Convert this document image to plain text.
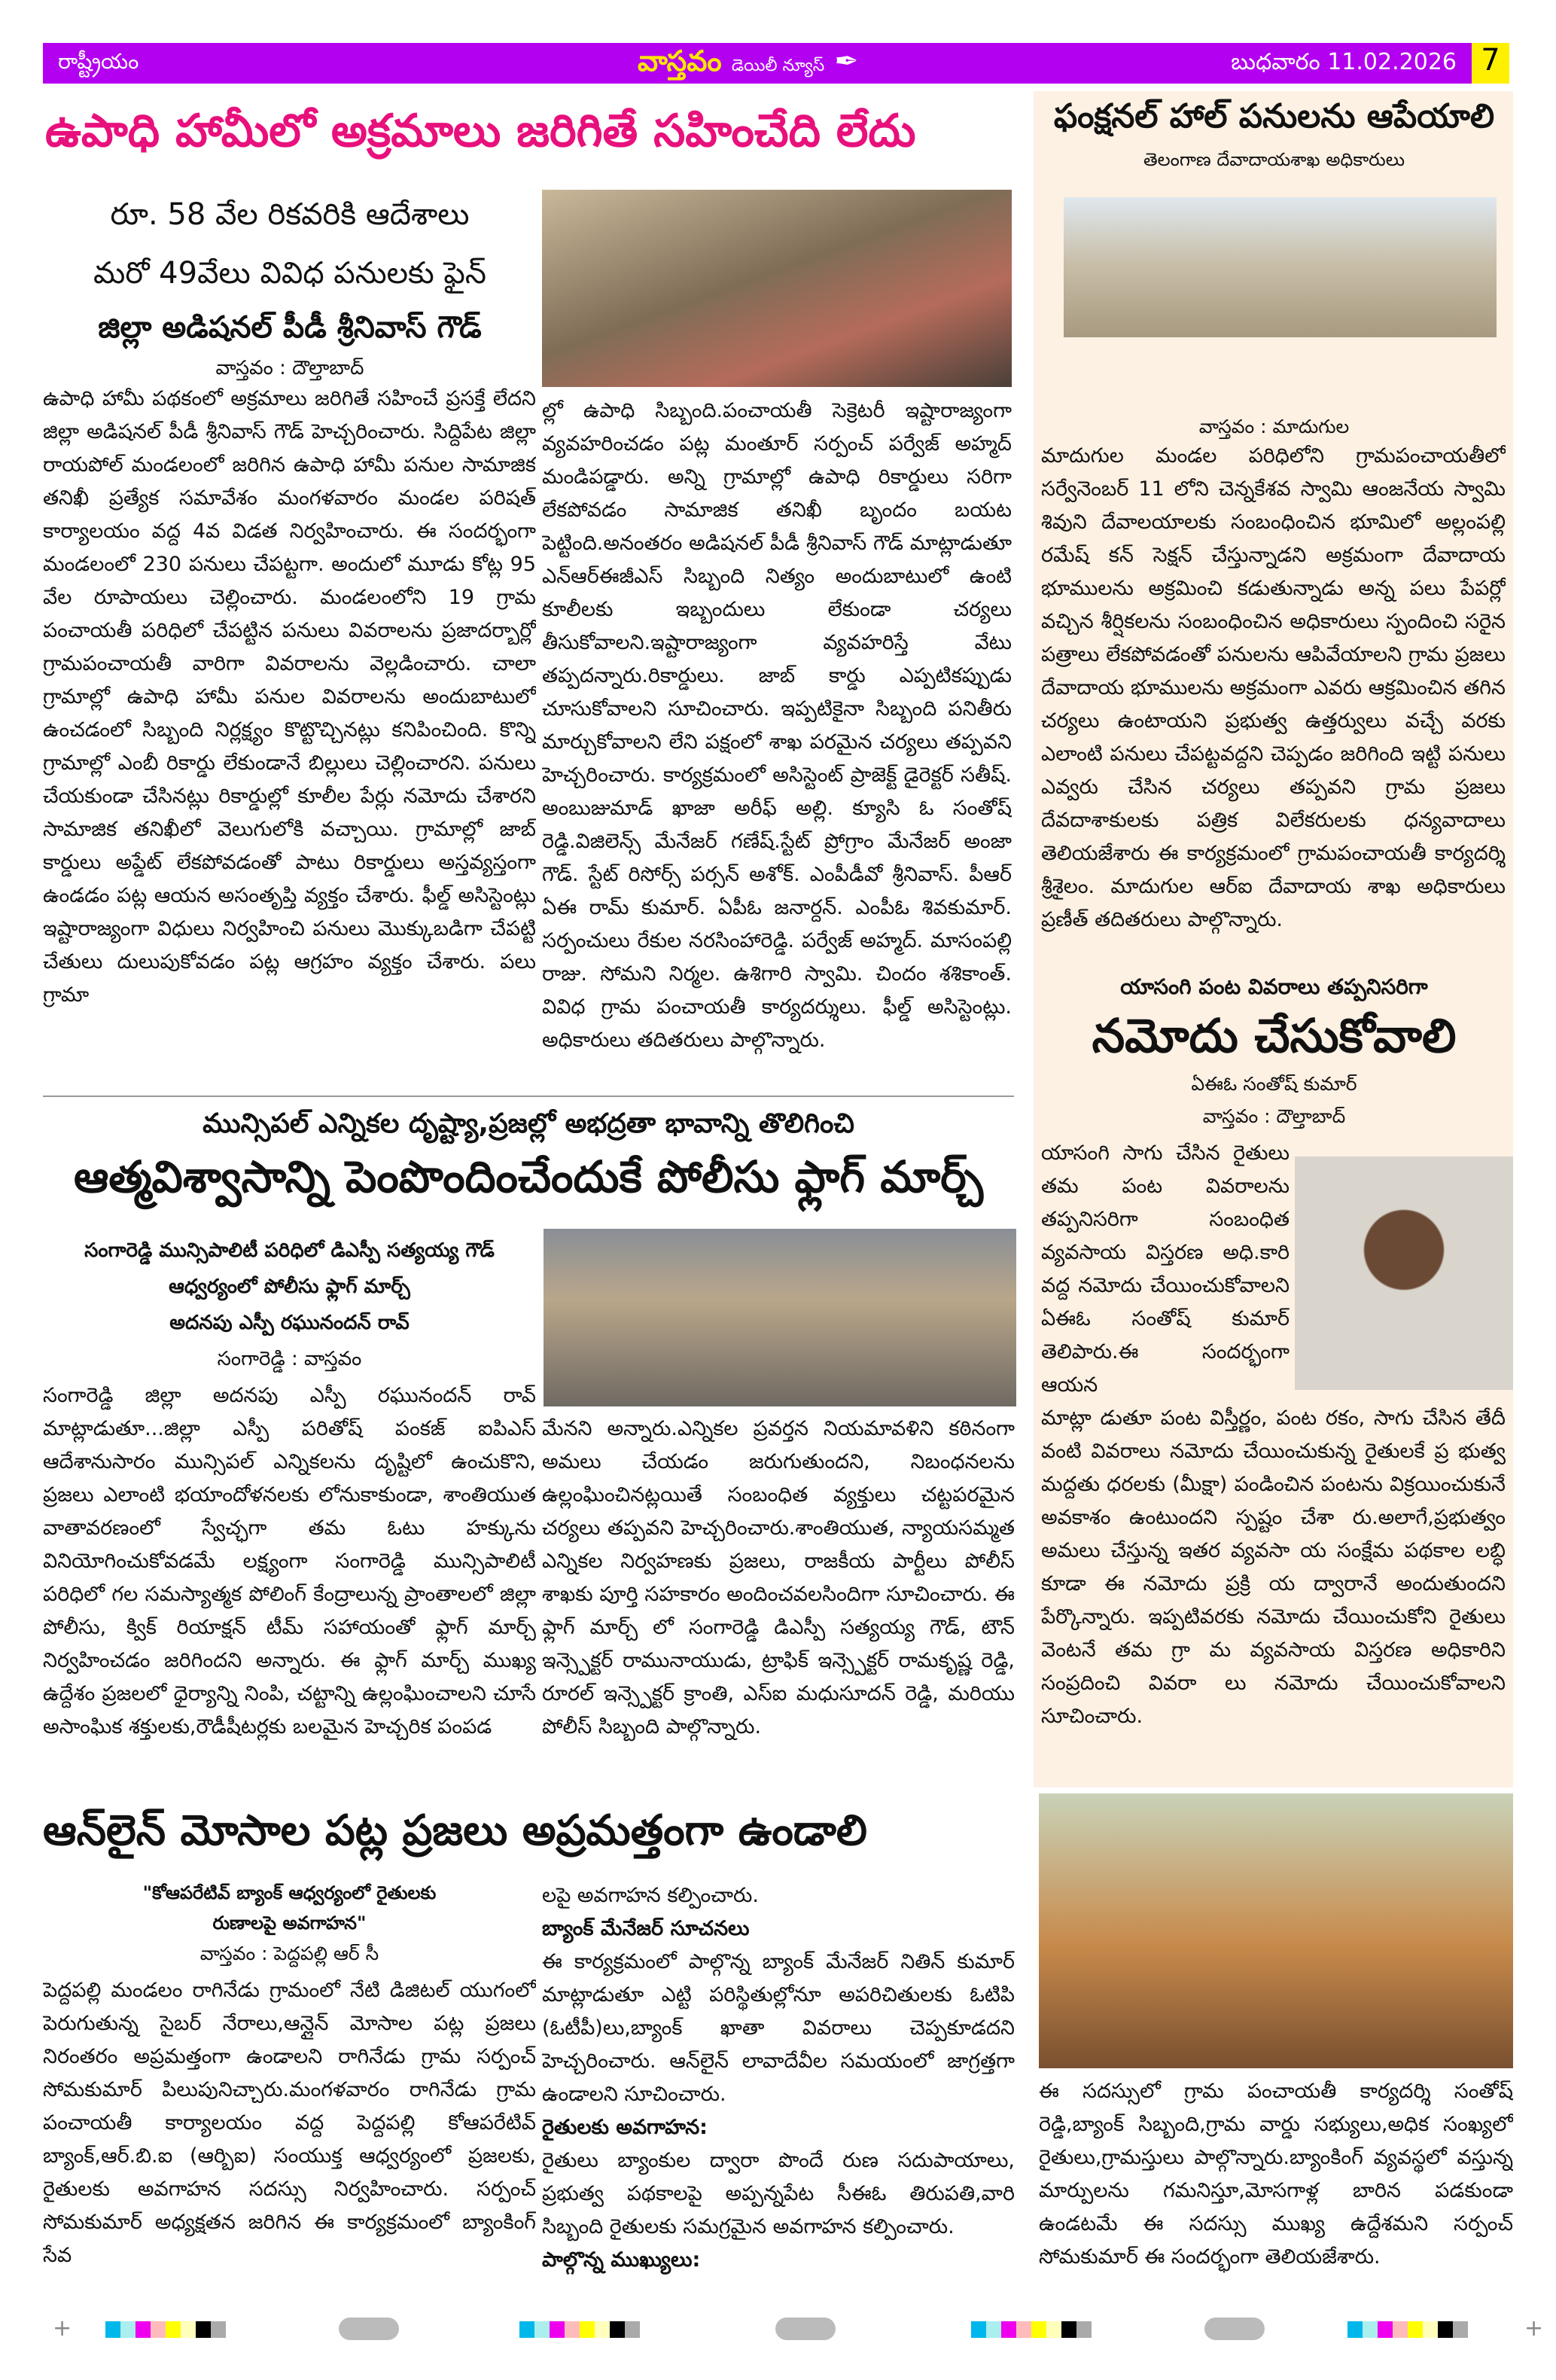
రాష్ట్రీయం	వాస్తవం డెయిలీ న్యూస్ ✒	బుధవారం 11.02.2026 7
ఉపాధి హామీలో అక్రమాలు జరిగితే సహించేది లేదు
రూ. 58 వేల రికవరికి ఆదేశాలు
మరో 49వేలు వివిధ పనులకు ఫైన్
జిల్లా అడిషనల్ పీడీ శ్రీనివాస్ గౌడ్
వాస్తవం : దౌల్తాబాద్

ఉపాధి హామీ పథకంలో అక్రమాలు జరిగితే సహించే ప్రసక్తే లేదని జిల్లా అడిషనల్ పీడీ శ్రీనివాస్ గౌడ్ హెచ్చరించారు. సిద్దిపేట జిల్లా రాయపోల్ మండలంలో జరిగిన ఉపాధి హామీ పనుల సామాజిక తనిఖీ ప్రత్యేక సమావేశం మంగళవారం మండల పరిషత్ కార్యాలయం వద్ద 4వ విడత నిర్వహించారు. ఈ సందర్భంగా మండలంలో 230 పనులు చేపట్టగా. అందులో మూడు కోట్ల 95 వేల రూపాయలు చెల్లించారు. మండలంలోని 19 గ్రామ పంచాయతీ పరిధిలో చేపట్టిన పనులు వివరాలను ప్రజాదర్బార్లో గ్రామపంచాయతీ వారిగా వివరాలను వెల్లడించారు. చాలా గ్రామాల్లో ఉపాధి హామీ పనుల వివరాలను అందుబాటులో ఉంచడంలో సిబ్బంది నిర్లక్ష్యం కొట్టొచ్చినట్లు కనిపించింది. కొన్ని గ్రామాల్లో ఎంబీ రికార్డు లేకుండానే బిల్లులు చెల్లించారని. పనులు చేయకుండా చేసినట్లు రికార్డుల్లో కూలీల పేర్లు నమోదు చేశారని సామాజిక తనిఖీలో వెలుగులోకి వచ్చాయి. గ్రామాల్లో జాబ్ కార్డులు అప్డేట్ లేకపోవడంతో పాటు రికార్డులు అస్తవ్యస్తంగా ఉండడం పట్ల ఆయన అసంతృప్తి వ్యక్తం చేశారు. ఫీల్డ్ అసిస్టెంట్లు ఇష్టారాజ్యంగా విధులు నిర్వహించి పనులు మొక్కుబడిగా చేపట్టి చేతులు దులుపుకోవడం పట్ల ఆగ్రహం వ్యక్తం చేశారు. పలు గ్రామా

ల్లో ఉపాధి సిబ్బంది.పంచాయతీ సెక్రెటరీ ఇష్టారాజ్యంగా వ్యవహరించడం పట్ల మంతూర్ సర్పంచ్ పర్వేజ్ అహ్మద్ మండిపడ్డారు. అన్ని గ్రామాల్లో ఉపాధి రికార్డులు సరిగా లేకపోవడం సామాజిక తనిఖీ బృందం బయట పెట్టింది.అనంతరం అడిషనల్ పీడీ శ్రీనివాస్ గౌడ్ మాట్లాడుతూ ఎన్ఆర్ఈజీఎస్ సిబ్బంది నిత్యం అందుబాటులో ఉంటి కూలీలకు ఇబ్బందులు లేకుండా చర్యలు తీసుకోవాలని.ఇష్టారాజ్యంగా వ్యవహరిస్తే వేటు తప్పదన్నారు.రికార్డులు. జాబ్ కార్డు ఎప్పటికప్పుడు చూసుకోవాలని సూచించారు. ఇప్పటికైనా సిబ్బంది పనితీరు మార్చుకోవాలని లేని పక్షంలో శాఖ పరమైన చర్యలు తప్పవని హెచ్చరించారు. కార్యక్రమంలో అసిస్టెంట్ ప్రాజెక్ట్ డైరెక్టర్ సతీష్. అంబుజుమాడ్ ఖాజా అరీఫ్ అల్లి. క్యూసి ఓ సంతోష్ రెడ్డి.విజిలెన్స్ మేనేజర్ గణేష్.స్టేట్ ప్రోగ్రాం మేనేజర్ అంజా గౌడ్. స్టేట్ రిసోర్స్ పర్సన్ అశోక్. ఎంపీడీవో శ్రీనివాస్. పీఆర్ ఏఈ రామ్ కుమార్. ఏపీఓ జనార్దన్. ఎంపీఓ శివకుమార్. సర్పంచులు రేకుల నరసింహారెడ్డి. పర్వేజ్ అహ్మద్. మాసంపల్లి రాజు. సోమని నిర్మల. ఉశిగారి స్వామి. చిందం శశికాంత్. వివిధ గ్రామ పంచాయతీ కార్యదర్శులు. ఫీల్డ్ అసిస్టెంట్లు. అధికారులు తదితరులు పాల్గొన్నారు.

ఫంక్షనల్ హాల్ పనులను ఆపేయాలి
తెలంగాణ దేవాదాయశాఖ అధికారులు
వాస్తవం : మాదుగుల

మాదుగుల మండల పరిధిలోని గ్రామపంచాయతీలో సర్వేనెంబర్ 11 లోని చెన్నకేశవ స్వామి ఆంజనేయ స్వామి శివుని దేవాలయాలకు సంబంధించిన భూమిలో అల్లంపల్లి రమేష్ కన్ సెక్షన్ చేస్తున్నాడని అక్రమంగా దేవాదాయ భూములను అక్రమించి కడుతున్నాడు అన్న పలు పేపర్లో వచ్చిన శీర్షికలను సంబంధించిన అధికారులు స్పందించి సరైన పత్రాలు లేకపోవడంతో పనులను ఆపివేయాలని గ్రామ ప్రజలు దేవాదాయ భూములను అక్రమంగా ఎవరు ఆక్రమించిన తగిన చర్యలు ఉంటాయని ప్రభుత్వ ఉత్తర్వులు వచ్చే వరకు ఎలాంటి పనులు చేపట్టవద్దని చెప్పడం జరిగింది ఇట్టి పనులు ఎవ్వరు చేసిన చర్యలు తప్పవని గ్రామ ప్రజలు దేవదాశాకులకు పత్రిక విలేకరులకు ధన్యవాదాలు తెలియజేశారు ఈ కార్యక్రమంలో గ్రామపంచాయతీ కార్యదర్శి శ్రీశైలం. మాదుగుల ఆర్ఐ దేవాదాయ శాఖ అధికారులు ప్రణీత్ తదితరులు పాల్గొన్నారు.

యాసంగి పంట వివరాలు తప్పనిసరిగా
నమోదు చేసుకోవాలి
ఏఈఓ సంతోష్ కుమార్
వాస్తవం : దౌల్తాబాద్

యాసంగి సాగు చేసిన రైతులు తమ పంట వివరాలను తప్పనిసరిగా సంబంధిత వ్యవసాయ విస్తరణ అధి.కారి వద్ద నమోదు చేయించుకోవాలని ఏఈఓ సంతోష్ కుమార్ తెలిపారు.ఈ సందర్భంగా ఆయన

మాట్లా డుతూ పంట విస్తీర్ణం, పంట రకం, సాగు చేసిన తేదీ వంటి వివరాలు నమోదు చేయించుకున్న రైతులకే ప్ర భుత్వ మద్దతు ధరలకు (మీక్షా) పండించిన పంటను విక్రయించుకునే అవకాశం ఉంటుందని స్పష్టం చేశా రు.అలాగే,ప్రభుత్వం అమలు చేస్తున్న ఇతర వ్యవసా య సంక్షేమ పథకాల లబ్ధి కూడా ఈ నమోదు ప్రక్రి య ద్వారానే అందుతుందని పేర్కొన్నారు. ఇప్పటివరకు నమోదు చేయించుకోని రైతులు వెంటనే తమ గ్రా మ వ్యవసాయ విస్తరణ అధికారిని సంప్రదించి వివరా లు నమోదు చేయించుకోవాలని సూచించారు.

మున్సిపల్ ఎన్నికల దృష్ట్యా,ప్రజల్లో అభద్రతా భావాన్ని తొలిగించి
ఆత్మవిశ్వాసాన్ని పెంపొందించేందుకే పోలీసు ఫ్లాగ్ మార్చ్
సంగారెడ్డి మున్సిపాలిటీ పరిధిలో డిఎస్పీ సత్యయ్య గౌడ్
ఆధ్వర్యంలో పోలీసు ఫ్లాగ్ మార్చ్
అదనపు ఎస్పీ రఘునందన్ రావ్
సంగారెడ్డి : వాస్తవం

సంగారెడ్డి జిల్లా అదనపు ఎస్పీ రఘునందన్ రావ్ మాట్లాడుతూ...జిల్లా ఎస్పీ పరితోష్ పంకజ్ ఐపిఎస్ ఆదేశానుసారం మున్సిపల్ ఎన్నికలను దృష్టిలో ఉంచుకొని, ప్రజలు ఎలాంటి భయాందోళనలకు లోనుకాకుండా, శాంతియుత వాతావరణంలో స్వేచ్ఛగా తమ ఓటు హక్కును వినియోగించుకోవడమే లక్ష్యంగా సంగారెడ్డి మున్సిపాలిటీ పరిధిలో గల సమస్యాత్మక పోలింగ్ కేంద్రాలున్న ప్రాంతాలలో జిల్లా పోలీసు, క్విక్ రియాక్షన్ టీమ్ సహాయంతో ఫ్లాగ్ మార్చ్ నిర్వహించడం జరిగిందని అన్నారు. ఈ ఫ్లాగ్ మార్చ్ ముఖ్య ఉద్దేశం ప్రజలలో ధైర్యాన్ని నింపి, చట్టాన్ని ఉల్లంఘించాలని చూసే అసాంఘిక శక్తులకు,రౌడీషీటర్లకు బలమైన హెచ్చరిక పంపడ

మేనని అన్నారు.ఎన్నికల ప్రవర్తన నియమావళిని కఠినంగా అమలు చేయడం జరుగుతుందని, నిబంధనలను ఉల్లంఘించినట్లయితే సంబంధిత వ్యక్తులు చట్టపరమైన చర్యలు తప్పవని హెచ్చరించారు.శాంతియుత, న్యాయసమ్మత ఎన్నికల నిర్వహణకు ప్రజలు, రాజకీయ పార్టీలు పోలీస్ శాఖకు పూర్తి సహకారం అందించవలసిందిగా సూచించారు. ఈ ఫ్లాగ్ మార్చ్ లో సంగారెడ్డి డిఎస్పీ సత్యయ్య గౌడ్, టౌన్ ఇన్స్పెక్టర్ రామునాయుడు, ట్రాఫిక్ ఇన్స్పెక్టర్ రామకృష్ణ రెడ్డి, రూరల్ ఇన్స్పెక్టర్ క్రాంతి, ఎస్ఐ మధుసూదన్ రెడ్డి, మరియు పోలీస్ సిబ్బంది పాల్గొన్నారు.

ఆన్‌లైన్ మోసాల పట్ల ప్రజలు అప్రమత్తంగా ఉండాలి
"కోఆపరేటివ్ బ్యాంక్ ఆధ్వర్యంలో రైతులకు
రుణాలపై అవగాహన"
వాస్తవం : పెద్దపల్లి ఆర్ సీ

పెద్దపల్లి మండలం రాగినేడు గ్రామంలో నేటి డిజిటల్ యుగంలో పెరుగుతున్న సైబర్ నేరాలు,ఆన్లైన్ మోసాల పట్ల ప్రజలు నిరంతరం అప్రమత్తంగా ఉండాలని రాగినేడు గ్రామ సర్పంచ్ సోమకుమార్ పిలుపునిచ్చారు.మంగళవారం రాగినేడు గ్రామ పంచాయతీ కార్యాలయం వద్ద పెద్దపల్లి కోఆపరేటివ్ బ్యాంక్,ఆర్.బి.ఐ (ఆర్బిఐ) సంయుక్త ఆధ్వర్యంలో ప్రజలకు, రైతులకు అవగాహన సదస్సు నిర్వహించారు. సర్పంచ్ సోమకుమార్ అధ్యక్షతన జరిగిన ఈ కార్యక్రమంలో బ్యాంకింగ్ సేవ

లపై అవగాహన కల్పించారు.

బ్యాంక్ మేనేజర్ సూచనలు

ఈ కార్యక్రమంలో పాల్గొన్న బ్యాంక్ మేనేజర్ నితిన్ కుమార్ మాట్లాడుతూ ఎట్టి పరిస్థితుల్లోనూ అపరిచితులకు ఓటిపి (ఓటీపీ)లు,బ్యాంక్ ఖాతా వివరాలు చెప్పకూడదని హెచ్చరించారు. ఆన్‌లైన్ లావాదేవీల సమయంలో జాగ్రత్తగా ఉండాలని సూచించారు.

రైతులకు అవగాహన:

రైతులు బ్యాంకుల ద్వారా పొందే రుణ సదుపాయాలు, ప్రభుత్వ పథకాలపై అప్పన్నపేట సీఈఓ తిరుపతి,వారి సిబ్బంది రైతులకు సమగ్రమైన అవగాహన కల్పించారు.

పాల్గొన్న ముఖ్యులు:

ఈ సదస్సులో గ్రామ పంచాయతీ కార్యదర్శి సంతోష్ రెడ్డి,బ్యాంక్ సిబ్బంది,గ్రామ వార్డు సభ్యులు,అధిక సంఖ్యలో రైతులు,గ్రామస్తులు పాల్గొన్నారు.బ్యాంకింగ్ వ్యవస్థలో వస్తున్న మార్పులను గమనిస్తూ,మోసగాళ్ల బారిన పడకుండా ఉండటమే ఈ సదస్సు ముఖ్య ఉద్దేశమని సర్పంచ్ సోమకుమార్ ఈ సందర్భంగా తెలియజేశారు.

+	+
